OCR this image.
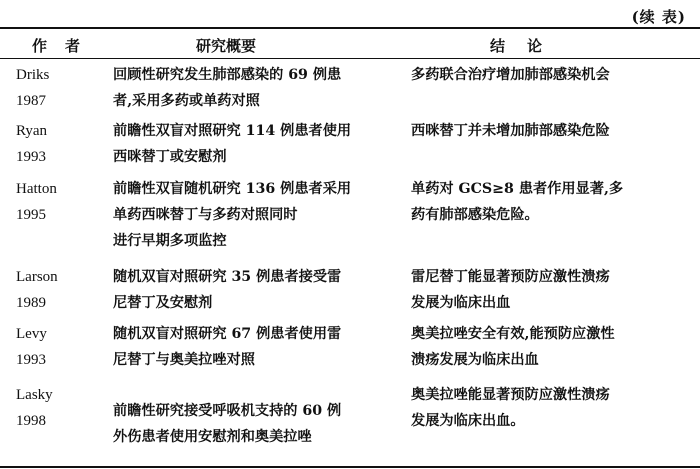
(续 表)
作者	研究概要	结论
Driks
1987
回顾性研究发生肺部感染的 69 例患
者,采用多药或单药对照
多药联合治疗增加肺部感染机会
Ryan
1993
前瞻性双盲对照研究 114 例患者使用
西咪替丁或安慰剂
西咪替丁并未增加肺部感染危险
Hatton
1995
前瞻性双盲随机研究 136 例患者采用
单药西咪替丁与多药对照同时
进行早期多项监控
单药对 GCS≥8 患者作用显著,多
药有肺部感染危险。
Larson
1989
随机双盲对照研究 35 例患者接受雷
尼替丁及安慰剂
雷尼替丁能显著预防应激性溃疡
发展为临床出血
Levy
1993
随机双盲对照研究 67 例患者使用雷
尼替丁与奥美拉唑对照
奥美拉唑安全有效,能预防应激性
溃疡发展为临床出血
Lasky
1998
前瞻性研究接受呼吸机支持的 60 例
外伤患者使用安慰剂和奥美拉唑
奥美拉唑能显著预防应激性溃疡
发展为临床出血。
